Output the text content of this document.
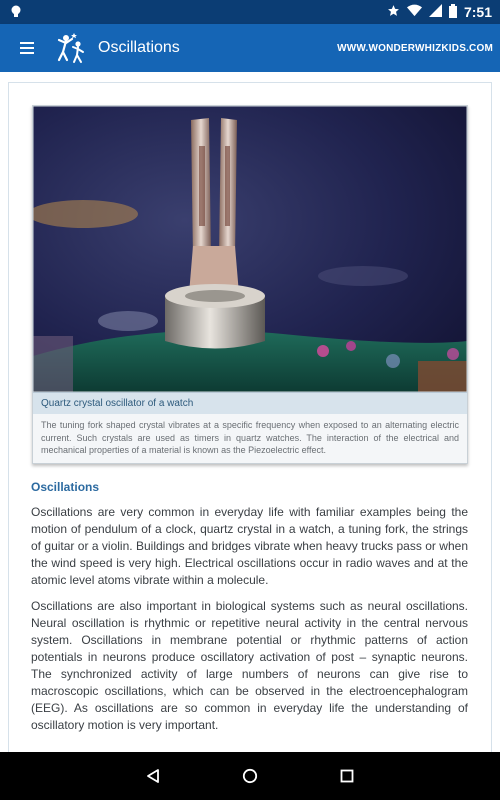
7:51
Oscillations	WWW.WONDERWHIZKIDS.COM
Quartz crystal oscillator of a watch
The tuning fork shaped crystal vibrates at a specific frequency when exposed to an alternating electric current. Such crystals are used as timers in quartz watches. The interaction of the electrical and mechanical properties of a material is known as the Piezoelectric effect.
Oscillations

Oscillations are very common in everyday life with familiar examples being the motion of pendulum of a clock, quartz crystal in a watch, a tuning fork, the strings of guitar or a violin. Buildings and bridges vibrate when heavy trucks pass or when the wind speed is very high. Electrical oscillations occur in radio waves and at the atomic level atoms vibrate within a molecule.

Oscillations are also important in biological systems such as neural oscillations. Neural oscillation is rhythmic or repetitive neural activity in the central nervous system. Oscillations in membrane potential or rhythmic patterns of action potentials in neurons produce oscillatory activation of post – synaptic neurons. The synchronized activity of large numbers of neurons can give rise to macroscopic oscillations, which can be observed in the electroencephalogram (EEG). As oscillations are so common in everyday life the understanding of oscillatory motion is very important.
